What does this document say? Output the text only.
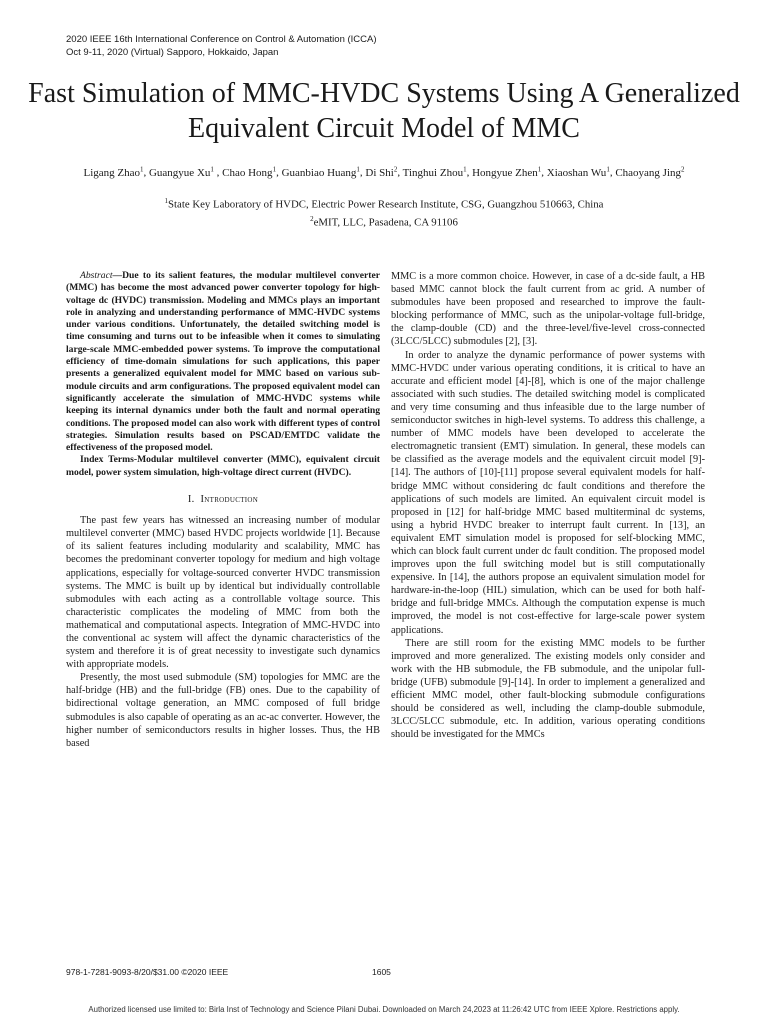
2020 IEEE 16th International Conference on Control & Automation (ICCA)
Oct 9-11, 2020 (Virtual) Sapporo, Hokkaido, Japan
Fast Simulation of MMC-HVDC Systems Using A Generalized Equivalent Circuit Model of MMC
Ligang Zhao$^1$, Guangyue Xu$^1$ , Chao Hong$^1$, Guanbiao Huang$^1$, Di Shi$^2$, Tinghui Zhou$^1$, Hongyue Zhen$^1$, Xiaoshan Wu$^1$, Chaoyang Jing$^2$
$^1$State Key Laboratory of HVDC, Electric Power Research Institute, CSG, Guangzhou 510663, China
$^2$eMIT, LLC, Pasadena, CA 91106

Abstract—Due to its salient features, the modular multilevel converter (MMC) has become the most advanced power converter topology for high-voltage dc (HVDC) transmission. Modeling and MMCs plays an important role in analyzing and understanding performance of MMC-HVDC systems under various conditions. Unfortunately, the detailed switching model is time consuming and turns out to be infeasible when it comes to simulating large-scale MMC-embedded power systems. To improve the computational efficiency of time-domain simulations for such applications, this paper presents a generalized equivalent model for MMC based on various sub-module circuits and arm configurations. The proposed equivalent model can significantly accelerate the simulation of MMC-HVDC systems while keeping its internal dynamics under both the fault and normal operating conditions. The proposed model can also work with different types of control strategies. Simulation results based on PSCAD/EMTDC validate the effectiveness of the proposed model.

Index Terms-Modular multilevel converter (MMC), equivalent circuit model, power system simulation, high-voltage direct current (HVDC).

I. Introduction

The past few years has witnessed an increasing number of modular multilevel converter (MMC) based HVDC projects worldwide [1]. Because of its salient features including modularity and scalability, MMC has becomes the predominant converter topology for medium and high voltage applications, especially for voltage-sourced converter HVDC transmission systems. The MMC is built up by identical but individually controllable submodules with each acting as a controllable voltage source. This characteristic complicates the modeling of MMC from both the mathematical and computational aspects. Integration of MMC-HVDC into the conventional ac system will affect the dynamic characteristics of the system and therefore it is of great necessity to investigate such dynamics with appropriate models.

Presently, the most used submodule (SM) topologies for MMC are the half-bridge (HB) and the full-bridge (FB) ones. Due to the capability of bidirectional voltage generation, an MMC composed of full bridge submodules is also capable of operating as an ac-ac converter. However, the higher number of semiconductors results in higher losses. Thus, the HB based

MMC is a more common choice. However, in case of a dc-side fault, a HB based MMC cannot block the fault current from ac grid. A number of submodules have been proposed and researched to improve the fault-blocking performance of MMC, such as the unipolar-voltage full-bridge, the clamp-double (CD) and the three-level/five-level cross-connected (3LCC/5LCC) submodules [2], [3].

In order to analyze the dynamic performance of power systems with MMC-HVDC under various operating conditions, it is critical to have an accurate and efficient model [4]-[8], which is one of the major challenge associated with such studies. The detailed switching model is complicated and very time consuming and thus infeasible due to the large number of semiconductor switches in high-level systems. To address this challenge, a number of MMC models have been developed to accelerate the electromagnetic transient (EMT) simulation. In general, these models can be classified as the average models and the equivalent circuit model [9]-[14]. The authors of [10]-[11] propose several equivalent models for half-bridge MMC without considering dc fault conditions and therefore the applications of such models are limited. An equivalent circuit model is proposed in [12] for half-bridge MMC based multiterminal dc systems, using a hybrid HVDC breaker to interrupt fault current. In [13], an equivalent EMT simulation model is proposed for self-blocking MMC, which can block fault current under dc fault condition. The proposed model improves upon the full switching model but is still computationally expensive. In [14], the authors propose an equivalent simulation model for hardware-in-the-loop (HIL) simulation, which can be used for both half-bridge and full-bridge MMCs. Although the computation expense is much improved, the model is not cost-effective for large-scale power system applications.

There are still room for the existing MMC models to be further improved and more generalized. The existing models only consider and work with the HB submodule, the FB submodule, and the unipolar full-bridge (UFB) submodule [9]-[14]. In order to implement a generalized and efficient MMC model, other fault-blocking submodule configurations should be considered as well, including the clamp-double submodule, 3LCC/5LCC submodule, etc. In addition, various operating conditions should be investigated for the MMCs

978-1-7281-9093-8/20/$31.00 ©2020 IEEE	1605
Authorized licensed use limited to: Birla Inst of Technology and Science Pilani Dubai. Downloaded on March 24,2023 at 11:26:42 UTC from IEEE Xplore. Restrictions apply.
